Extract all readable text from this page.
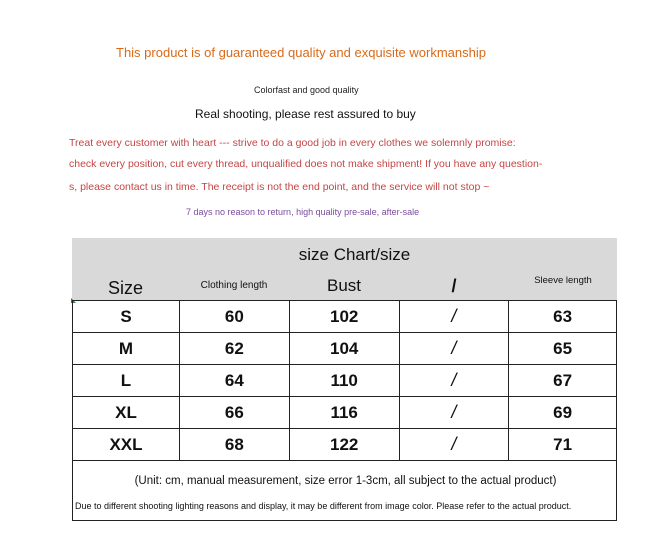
This product is of guaranteed quality and exquisite workmanship
Colorfast and good quality
Real shooting, please rest assured to buy
Treat every customer with heart --- strive to do a good job in every clothes we solemnly promise:
check every position, cut every thread, unqualified does not make shipment! If you have any question-
s, please contact us in time. The receipt is not the end point, and the service will not stop ~
7 days no reason to return, high quality pre-sale, after-sale
size Chart/size
Size	Clothing length	Bust	/	Sleeve length
S	60	102	/	63
M	62	104	/	65
L	64	110	/	67
XL	66	116	/	69
XXL	68	122	/	71
(Unit: cm, manual measurement, size error 1-3cm, all subject to the actual product)
Due to different shooting lighting reasons and display, it may be different from image color. Please refer to the actual product.
